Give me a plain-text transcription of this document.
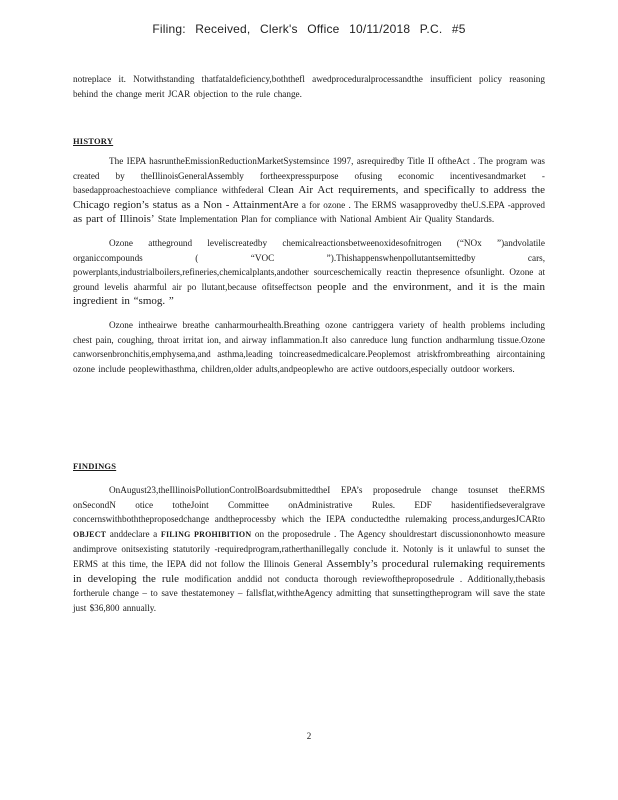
Filing: Received, Clerk's Office 10/11/2018 P.C. #5

notreplace it. Notwithstanding thatfataldeficiency,boththefl awedproceduralprocessandthe insufficient policy reasoning behind the change merit JCAR objection to the rule change.

HISTORY

The IEPA hasruntheEmissionReductionMarketSystemsince 1997, asrequiredby Title II oftheAct . The program was created by theIllinoisGeneralAssembly fortheexpresspurpose ofusing economic incentivesandmarket -basedapproachestoachieve compliance withfederal Clean Air Act requirements, and specifically to address the Chicago region’s status as a Non - AttainmentAre a for ozone . The ERMS wasapprovedby theU.S.EPA -approved as part of Illinois’ State Implementation Plan for compliance with National Ambient Air Quality Standards.

Ozone attheground leveliscreatedby chemicalreactionsbetweenoxidesofnitrogen (“NOx ”)andvolatile organiccompounds ( “VOC ”).Thishappenswhenpollutantsemittedby cars, powerplants,industrialboilers,refineries,chemicalplants,andother sourceschemically reactin thepresence ofsunlight. Ozone at ground levelis aharmful air po llutant,because ofitseffectson people and the environment, and it is the main ingredient in “smog. ”

Ozone intheairwe breathe canharmourhealth.Breathing ozone cantriggera variety of health problems including chest pain, coughing, throat irritat ion, and airway inflammation.It also canreduce lung function andharmlung tissue.Ozone canworsenbronchitis,emphysema,and asthma,leading toincreasedmedicalcare.Peoplemost atriskfrombreathing aircontaining ozone include peoplewithasthma, children,older adults,andpeoplewho are active outdoors,especially outdoor workers.

FINDINGS

OnAugust23,theIllinoisPollutionControlBoardsubmittedtheI EPA’s proposedrule change tosunset theERMS onSecondN otice totheJoint Committee onAdministrative Rules. EDF hasidentifiedseveralgrave concernswithboththeproposedchange andtheprocessby which the IEPA conductedthe rulemaking process,andurgesJCARto OBJECT anddeclare a FILING PROHIBITION on the proposedrule . The Agency shouldrestart discussiononhowto measure andimprove onitsexisting statutorily -requiredprogram,ratherthanillegally conclude it. Notonly is it unlawful to sunset the ERMS at this time, the IEPA did not follow the Illinois General Assembly’s procedural rulemaking requirements in developing the rule modification anddid not conducta thorough reviewoftheproposedrule . Additionally,thebasis fortherule change – to save thestatemoney – fallsflat,withtheAgency admitting that sunsettingtheprogram will save the state just $36,800 annually.

2
